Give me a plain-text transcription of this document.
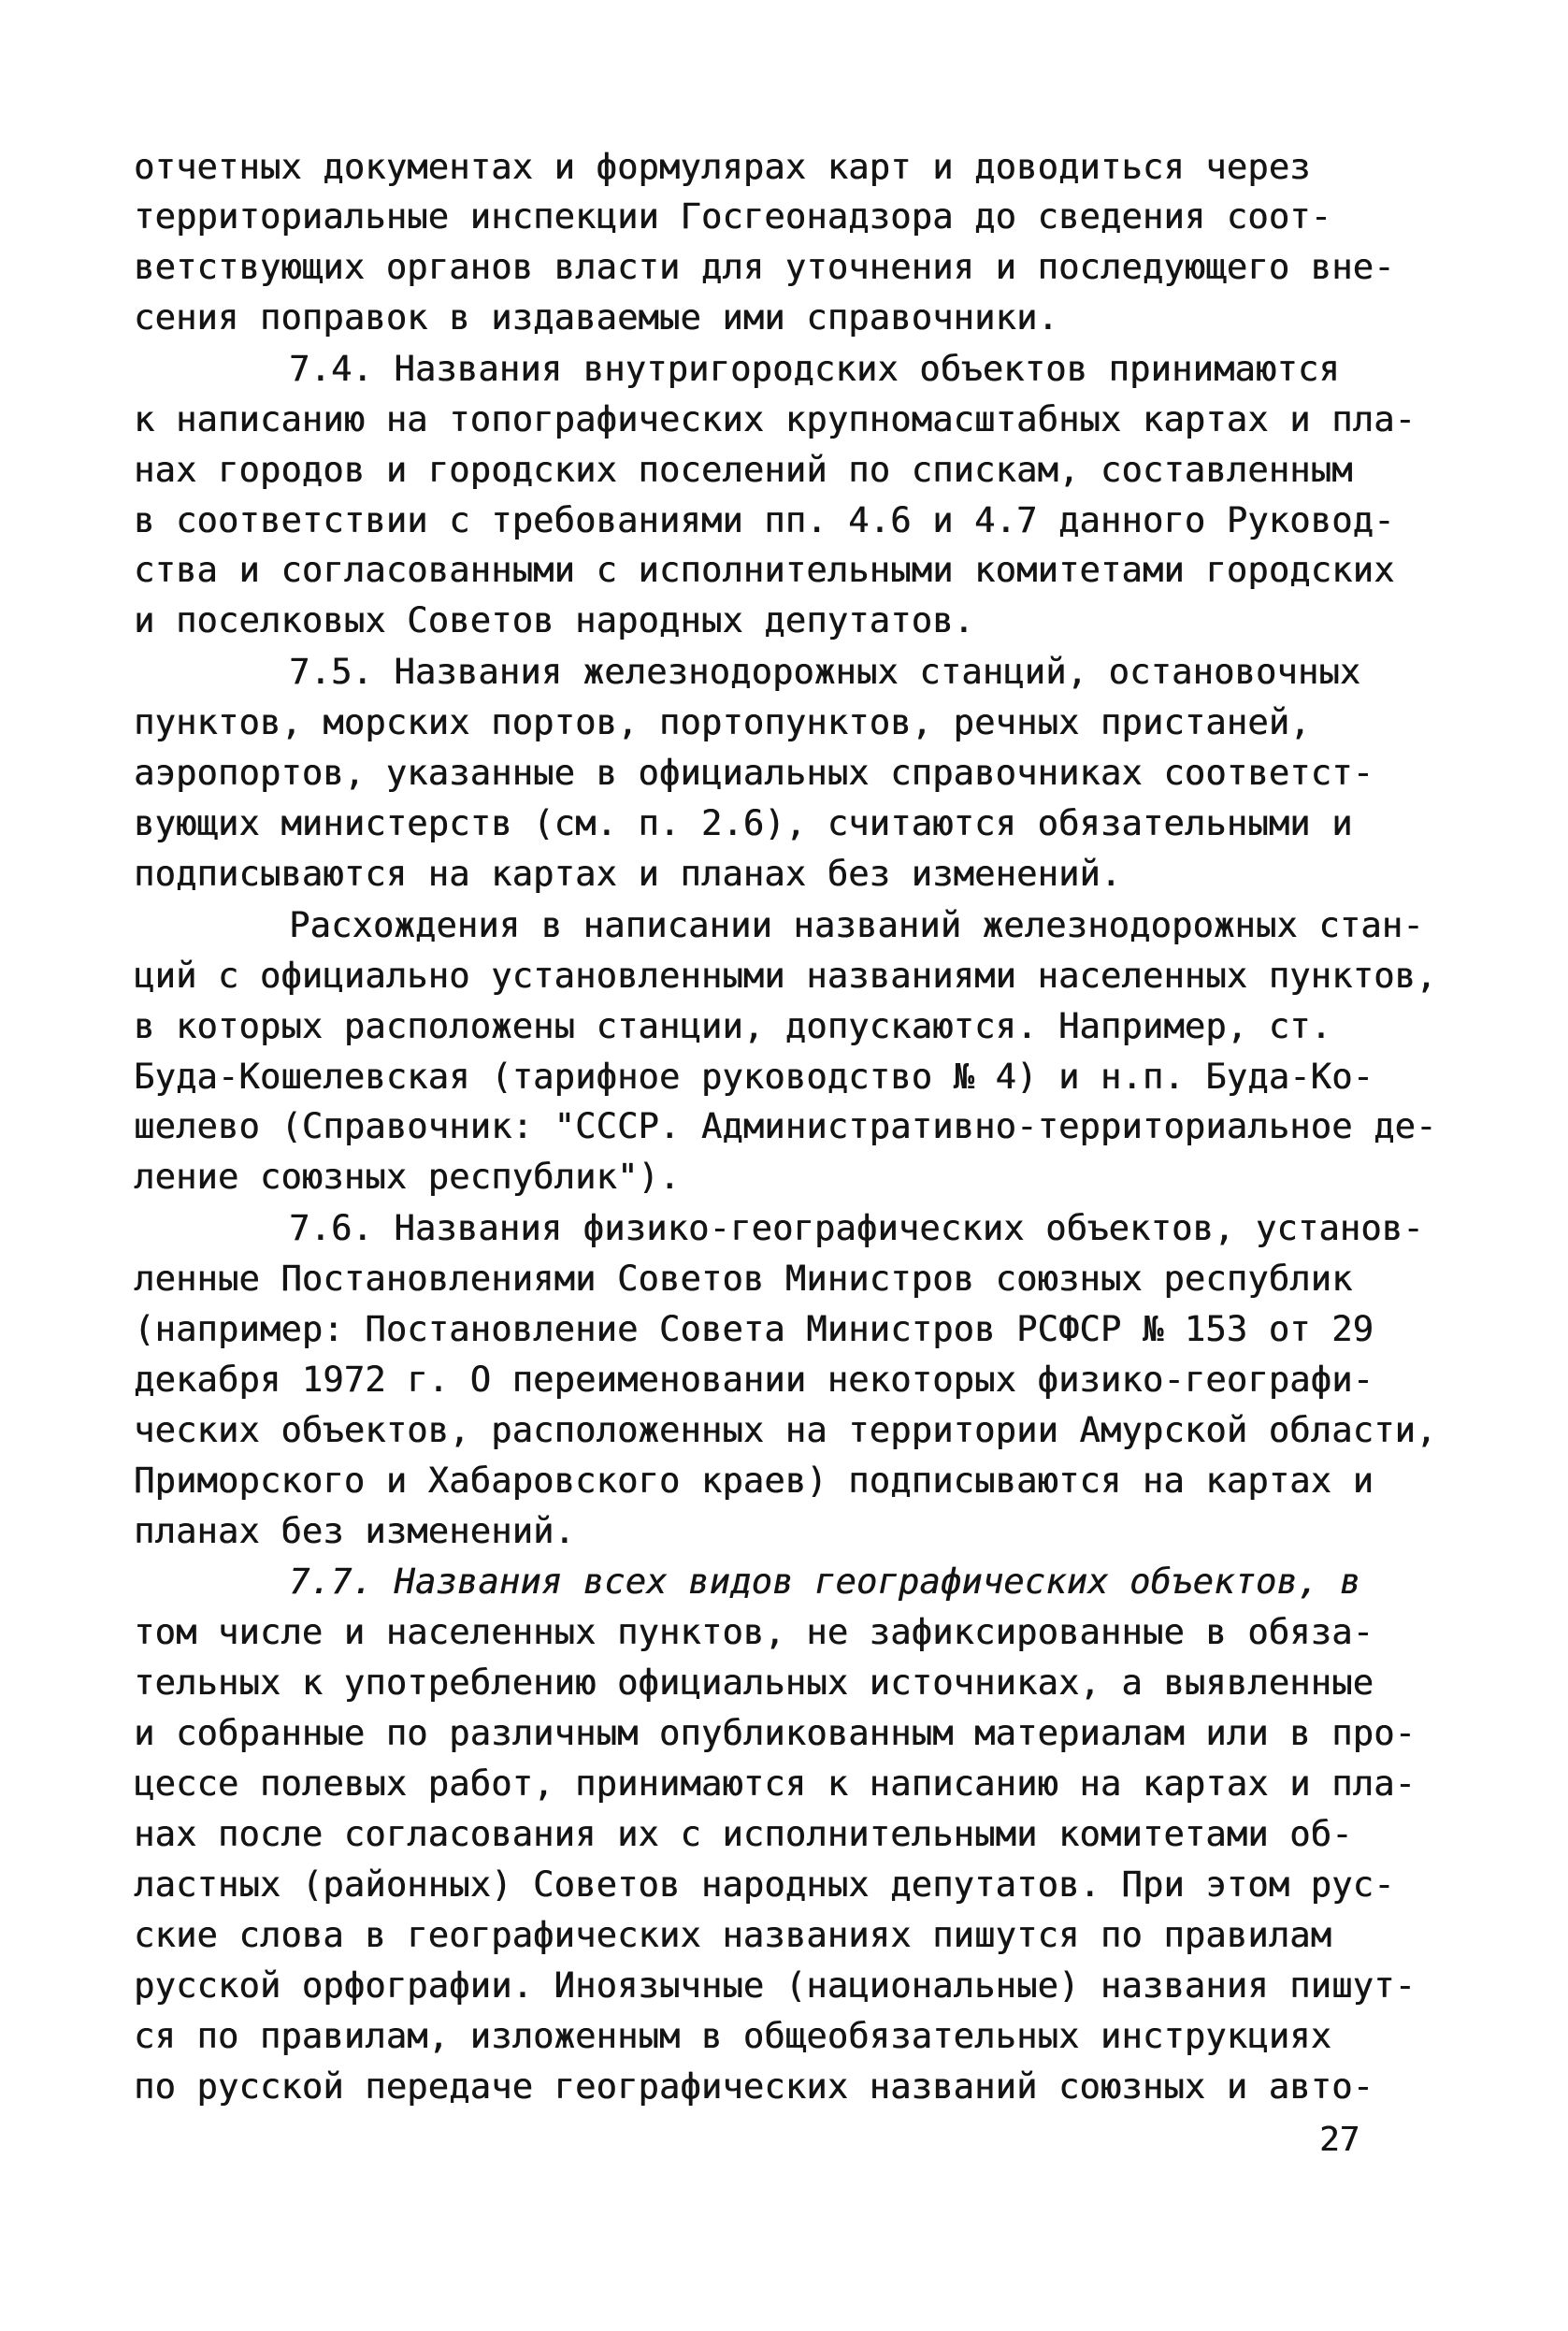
отчетных документах и формулярах карт и доводиться через
территориальные инспекции Госгеонадзора до сведения соот-
ветствующих органов власти для уточнения и последующего вне-
сения поправок в издаваемые ими справочники.
7.4. Названия внутригородских объектов принимаются
к написанию на топографических крупномасштабных картах и пла-
нах городов и городских поселений по спискам, составленным
в соответствии с требованиями пп. 4.6 и 4.7 данного Руковод-
ства и согласованными с исполнительными комитетами городских
и поселковых Советов народных депутатов.
7.5. Названия железнодорожных станций, остановочных
пунктов, морских портов, портопунктов, речных пристаней,
аэропортов, указанные в официальных справочниках соответст-
вующих министерств (см. п. 2.6), считаются обязательными и
подписываются на картах и планах без изменений.
Расхождения в написании названий железнодорожных стан-
ций с официально установленными названиями населенных пунктов,
в которых расположены станции, допускаются. Например, ст.
Буда-Кошелевская (тарифное руководство № 4) и н.п. Буда-Ко-
шелево (Справочник: "СССР. Административно-территориальное де-
ление союзных республик").
7.6. Названия физико-географических объектов, установ-
ленные Постановлениями Советов Министров союзных республик
(например: Постановление Совета Министров РСФСР № 153 от 29
декабря 1972 г. О переименовании некоторых физико-географи-
ческих объектов, расположенных на территории Амурской области,
Приморского и Хабаровского краев) подписываются на картах и
планах без изменений.
7.7. Названия всех видов географических объектов, в
том числе и населенных пунктов, не зафиксированные в обяза-
тельных к употреблению официальных источниках, а выявленные
и собранные по различным опубликованным материалам или в про-
цессе полевых работ, принимаются к написанию на картах и пла-
нах после согласования их с исполнительными комитетами об-
ластных (районных) Советов народных депутатов. При этом рус-
ские слова в географических названиях пишутся по правилам
русской орфографии. Иноязычные (национальные) названия пишут-
ся по правилам, изложенным в общеобязательных инструкциях
по русской передаче географических названий союзных и авто-
27
